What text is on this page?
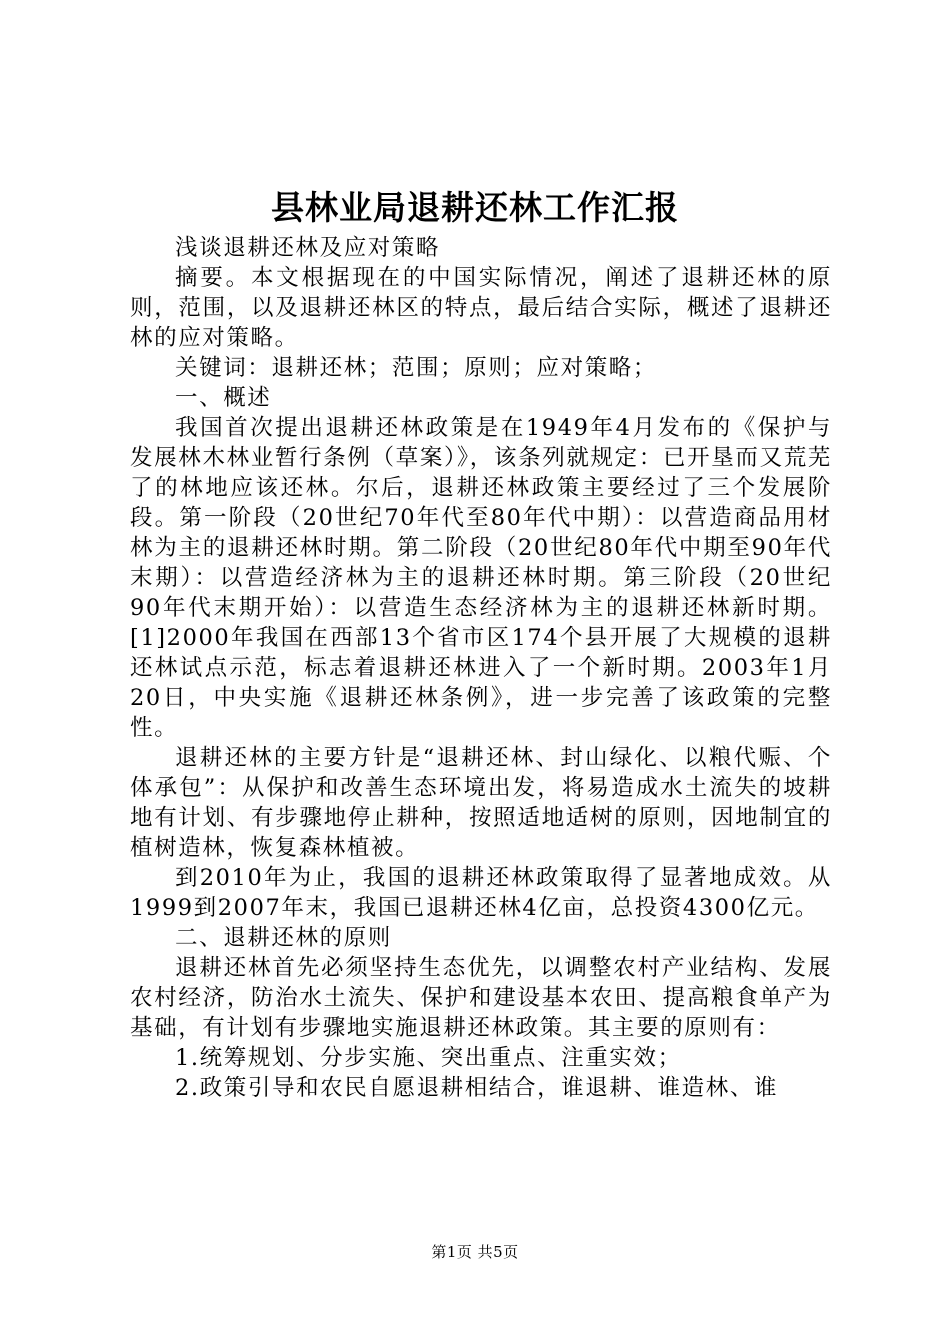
县林业局退耕还林工作汇报

浅谈退耕还林及应对策略

摘要。本文根据现在的中国实际情况，阐述了退耕还林的原则，范围，以及退耕还林区的特点，最后结合实际，概述了退耕还林的应对策略。

关键词：退耕还林；范围；原则；应对策略；

一、概述

我国首次提出退耕还林政策是在1949年4月发布的《保护与发展林木林业暂行条例（草案）》，该条列就规定：已开垦而又荒芜了的林地应该还林。尔后，退耕还林政策主要经过了三个发展阶段。第一阶段（20世纪70年代至80年代中期）：以营造商品用材林为主的退耕还林时期。第二阶段（20世纪80年代中期至90年代末期）：以营造经济林为主的退耕还林时期。第三阶段（20世纪90年代末期开始）：以营造生态经济林为主的退耕还林新时期。[1]2000年我国在西部13个省市区174个县开展了大规模的退耕还林试点示范，标志着退耕还林进入了一个新时期。2003年1月20日，中央实施《退耕还林条例》，进一步完善了该政策的完整性。

退耕还林的主要方针是“退耕还林、封山绿化、以粮代赈、个体承包”：从保护和改善生态环境出发，将易造成水土流失的坡耕地有计划、有步骤地停止耕种，按照适地适树的原则，因地制宜的植树造林，恢复森林植被。

到2010年为止，我国的退耕还林政策取得了显著地成效。从1999到2007年末，我国已退耕还林4亿亩，总投资4300亿元。

二、退耕还林的原则

退耕还林首先必须坚持生态优先，以调整农村产业结构、发展农村经济，防治水土流失、保护和建设基本农田、提高粮食单产为基础，有计划有步骤地实施退耕还林政策。其主要的原则有：

1.统筹规划、分步实施、突出重点、注重实效；

2.政策引导和农民自愿退耕相结合，谁退耕、谁造林、谁

第1页 共5页
